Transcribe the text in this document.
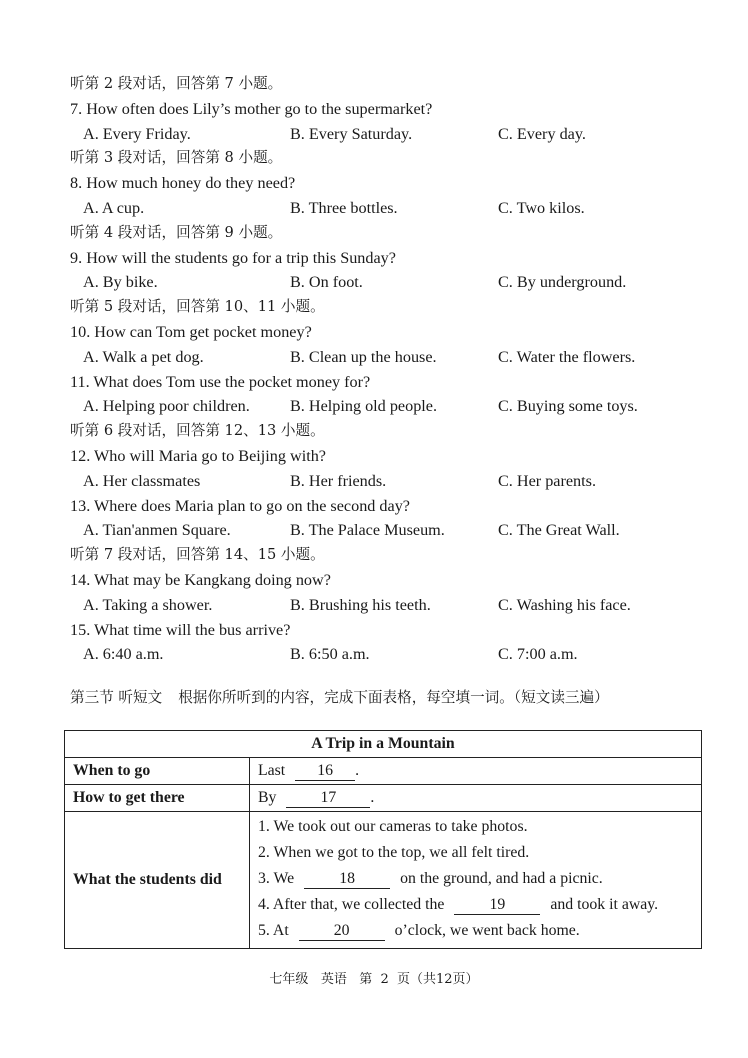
听第 2 段对话，回答第 7 小题。
7. How often does Lily’s mother go to the supermarket?
A. Every Friday.	B. Every Saturday.	C. Every day.
听第 3 段对话，回答第 8 小题。
8. How much honey do they need?
A. A cup.	B. Three bottles.	C. Two kilos.
听第 4 段对话，回答第 9 小题。
9. How will the students go for a trip this Sunday?
A. By bike.	B. On foot.	C. By underground.
听第 5 段对话，回答第 10、11 小题。
10. How can Tom get pocket money?
A. Walk a pet dog.	B. Clean up the house.	C. Water the flowers.
11. What does Tom use the pocket money for?
A. Helping poor children. B. Helping old people.	C. Buying some toys.
听第 6 段对话，回答第 12、13 小题。
12. Who will Maria go to Beijing with?
A. Her classmates	B. Her friends.	C. Her parents.
13. Where does Maria plan to go on the second day?
A. Tian'anmen Square.	B. The Palace Museum.	C. The Great Wall.
听第 7 段对话，回答第 14、15 小题。
14. What may be Kangkang doing now?
A. Taking a shower.	B. Brushing his teeth.	C. Washing his face.
15. What time will the bus arrive?
A. 6:40 a.m.	B. 6:50 a.m.	C. 7:00 a.m.
第三节 听短文 根据你所听到的内容，完成下面表格，每空填一词。（短文读三遍）
A Trip in a Mountain	
When to go	Last 16 .
How to get there	By 17 .
What the students did	1. We took out our cameras to take photos.
2. When we got to the top, we all felt tired.
3. We 18 on the ground, and had a picnic.
4. After that, we collected the 19 and took it away.
5. At 20 o’clock, we went back home.
七年级   英语   第  2  页（共12页）
